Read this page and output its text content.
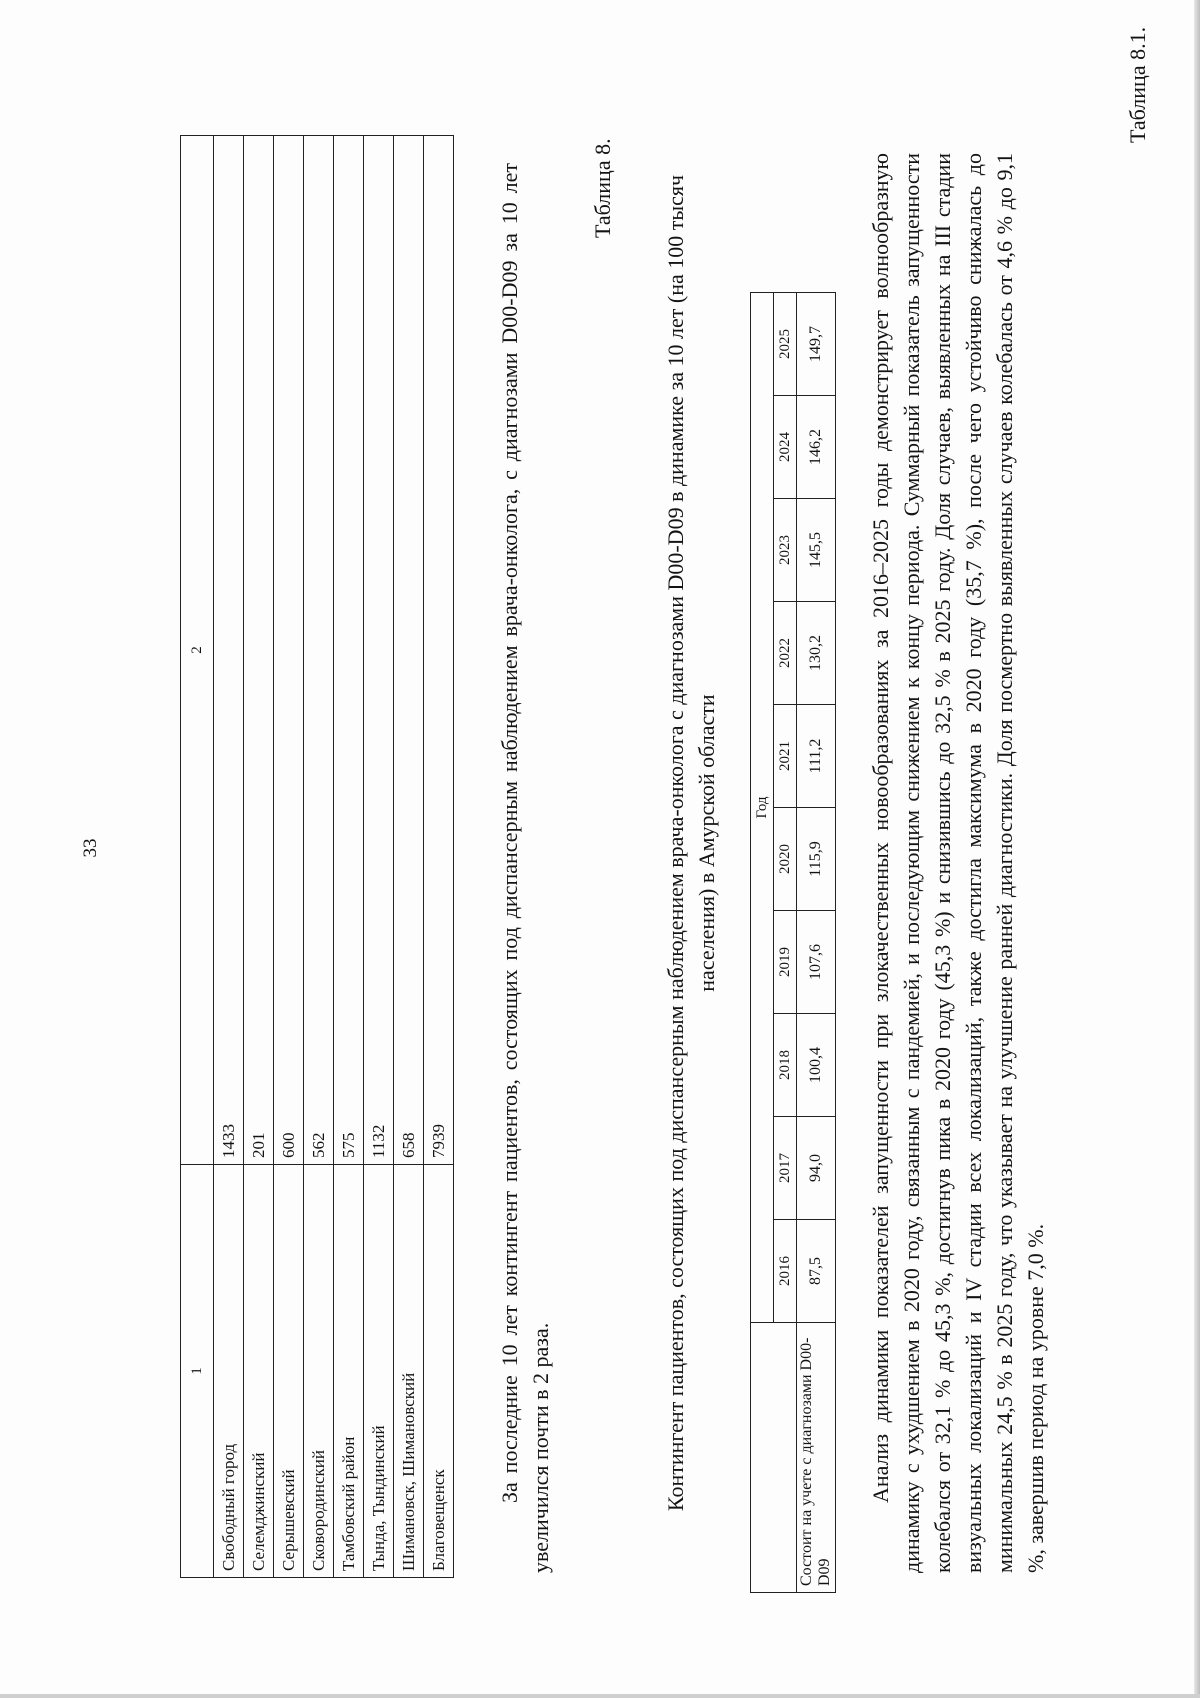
33
1	2
Свободный город	1433
Селемджинский	201
Серышевский	600
Сковородинский	562
Тамбовский район	575
Тында, Тындинский	1132
Шимановск, Шимановский	658
Благовещенск	7939 За последние 10 лет контингент пациентов, состоящих под диспансерным наблюдением врача-онколога, с диагнозами D00-D09 за 10 лет увеличился почти в 2 раза.
Таблица 8. Контингент пациентов, состоящих под диспансерным наблюдением врача-онколога с диагнозами D00-D09 в динамике за 10 лет (на 100 тысяч населения) в Амурской области
	Год									
	2016	2017	2018	2019	2020	2021	2022	2023	2024	2025
Состоит на учете с диагнозами D00-D09	87,5	94,0	100,4	107,6	115,9	111,2	130,2	145,5	146,2	149,7 Анализ динамики показателей запущенности при злокачественных новообразованиях за 2016–2025 годы демонстрирует волнообразную динамику с ухудшением в 2020 году, связанным с пандемией, и последующим снижением к концу периода. Суммарный показатель запущенности колебался от 32,1 % до 45,3 %, достигнув пика в 2020 году (45,3 %) и снизившись до 32,5 % в 2025 году. Доля случаев, выявленных на III стадии визуальных локализаций и IV стадии всех локализаций, также достигла максимума в 2020 году (35,7 %), после чего устойчиво снижалась до минимальных 24,5 % в 2025 году, что указывает на улучшение ранней диагностики. Доля посмертно выявленных случаев колебалась от 4,6 % до 9,1 %, завершив период на уровне 7,0 %.
Таблица 8.1.
